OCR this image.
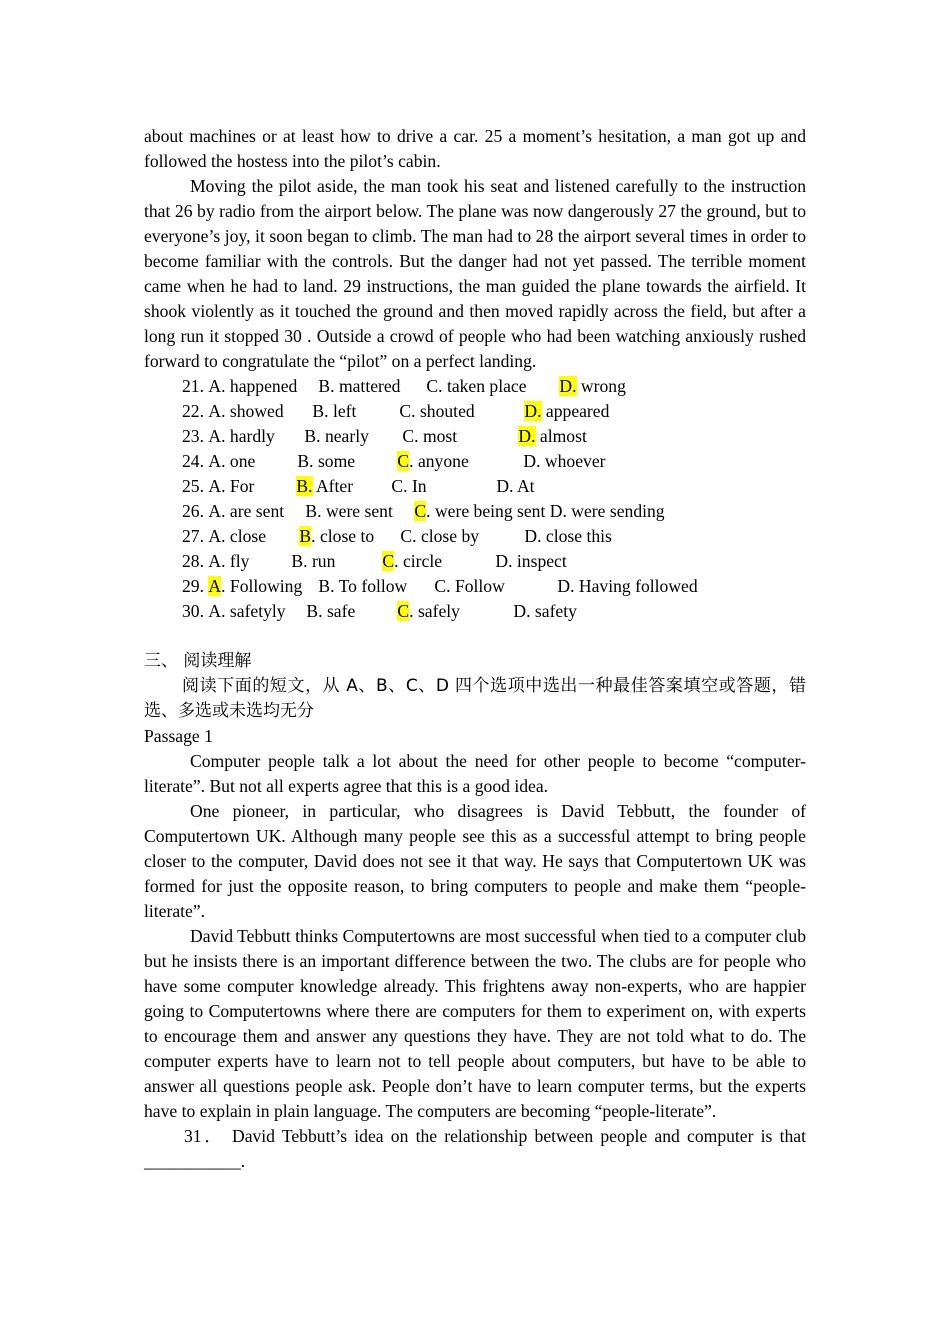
about machines or at least how to drive a car. 25 a moment’s hesitation, a man got up and followed the hostess into the pilot’s cabin.

Moving the pilot aside, the man took his seat and listened carefully to the instruction that 26 by radio from the airport below. The plane was now dangerously 27 the ground, but to everyone’s joy, it soon began to climb. The man had to 28 the airport several times in order to become familiar with the controls. But the danger had not yet passed. The terrible moment came when he had to land. 29 instructions, the man guided the plane towards the airfield. It shook violently as it touched the ground and then moved rapidly across the field, but after a long run it stopped 30 . Outside a crowd of people who had been watching anxiously rushed forward to congratulate the “pilot” on a perfect landing.

21. A. happened B. mattered C. taken place D. wrong

22. A. showed B. left C. shouted	D. appeared

23. A. hardly B. nearly C. most	D. almost

24. A. one B. some C. anyone	D. whoever

25. A. For B. After C. In	D. At

26. A. are sent B. were sent C. were being sent D. were sending

27. A. close B. close to C. close by	D. close this

28. A. fly B. run	C. circle	D. inspect

29. A. Following B. To follow C. Follow	D. Having followed

30. A. safetyly B. safe C. safely	D. safety

三、 阅读理解

阅读下面的短文，从 A、B、C、D 四个选项中选出一种最佳答案填空或答题，错选、多选或未选均无分

Passage 1

Computer people talk a lot about the need for other people to become “computer-literate”. But not all experts agree that this is a good idea.

One pioneer, in particular, who disagrees is David Tebbutt, the founder of Computertown UK. Although many people see this as a successful attempt to bring people closer to the computer, David does not see it that way. He says that Computertown UK was formed for just the opposite reason, to bring computers to people and make them “people-literate”.

David Tebbutt thinks Computertowns are most successful when tied to a computer club but he insists there is an important difference between the two. The clubs are for people who have some computer knowledge already. This frightens away non-experts, who are happier going to Computertowns where there are computers for them to experiment on, with experts to encourage them and answer any questions they have. They are not told what to do. The computer experts have to learn not to tell people about computers, but have to be able to answer all questions people ask. People don’t have to learn computer terms, but the experts have to explain in plain language. The computers are becoming “people-literate”.

31． David Tebbutt’s idea on the relationship between people and computer is that ___________.
